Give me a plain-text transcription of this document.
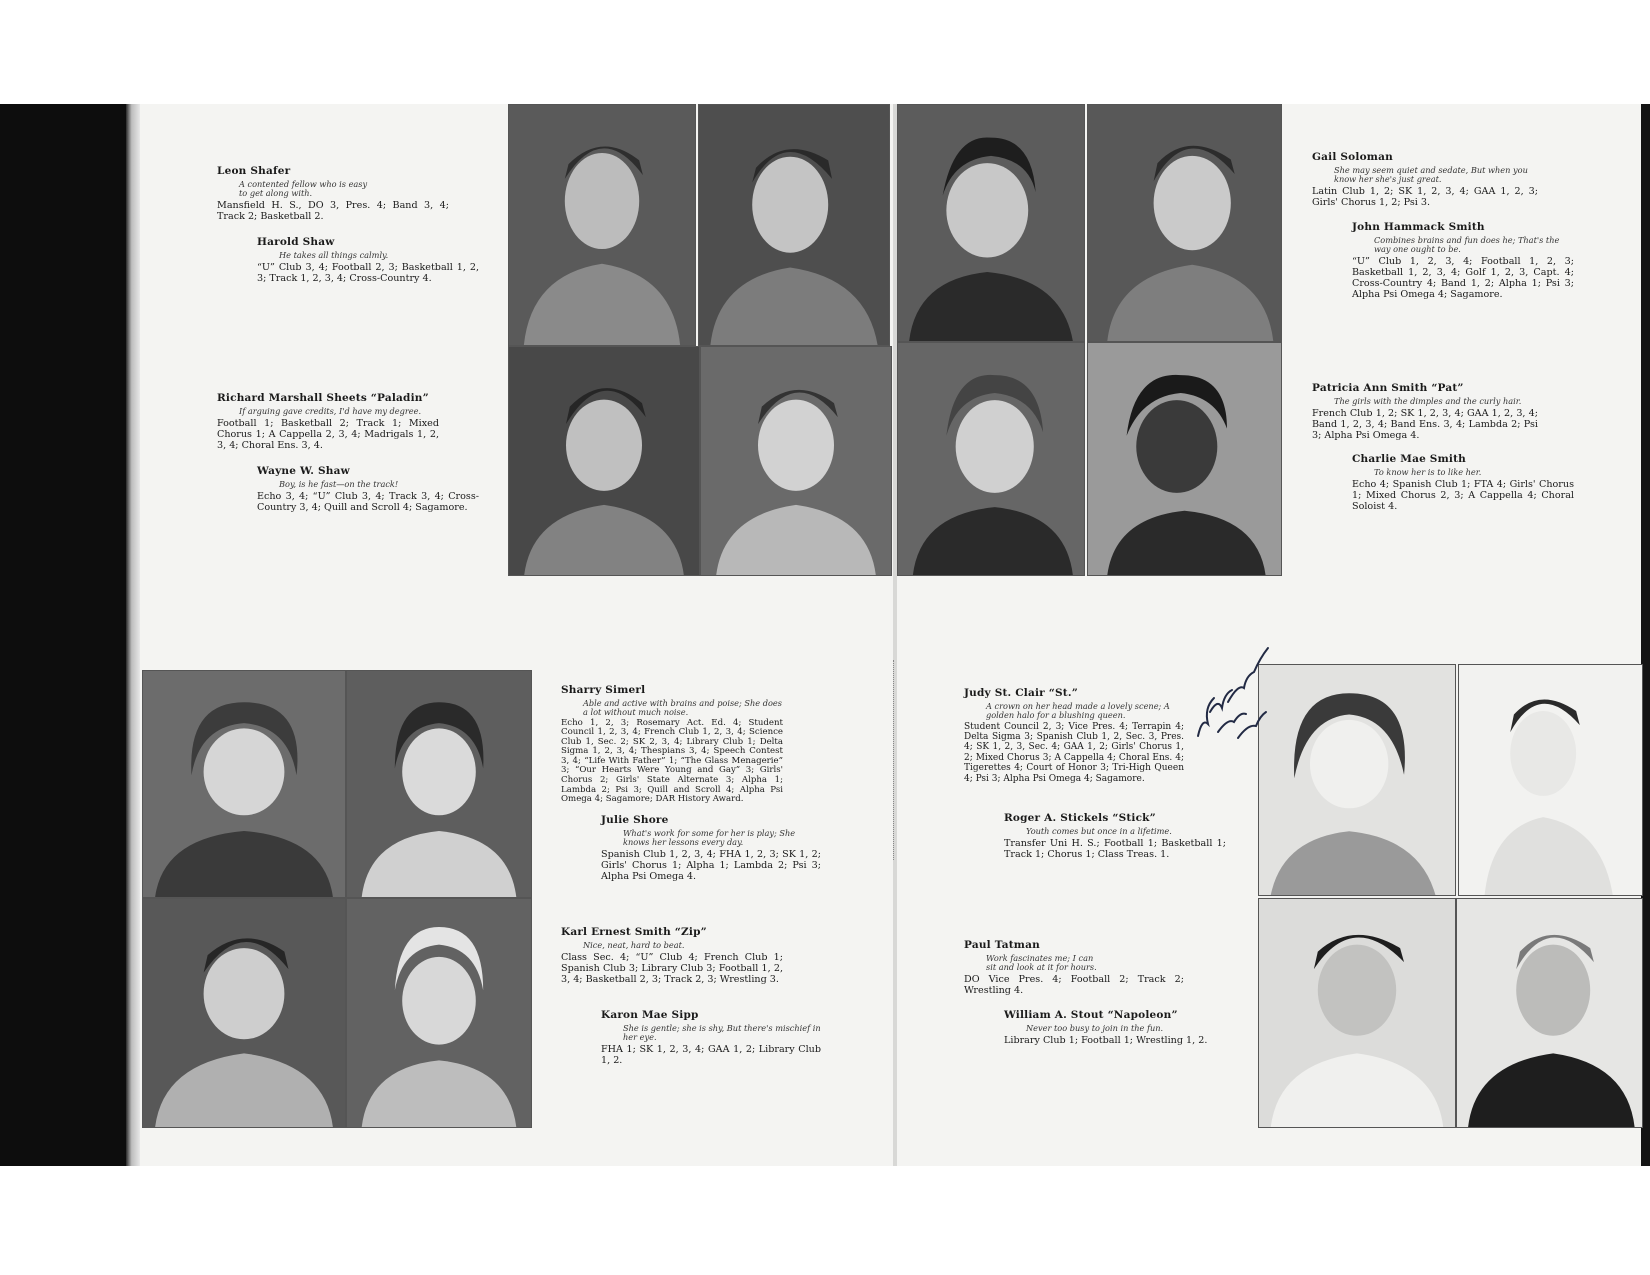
Leon Shafer
A contented fellow who is easy to get along with.
Mansfield H. S., DO 3, Pres. 4; Band 3, 4; Track 2; Basketball 2.
Harold Shaw
He takes all things calmly.
“U” Club 3, 4; Football 2, 3; Basketball 1, 2, 3; Track 1, 2, 3, 4; Cross-Country 4.
Richard Marshall Sheets “Paladin”
If arguing gave credits, I'd have my degree.
Football 1; Basketball 2; Track 1; Mixed Chorus 1; A Cappella 2, 3, 4; Madrigals 1, 2, 3, 4; Choral Ens. 3, 4.
Wayne W. Shaw
Boy, is he fast—on the track!
Echo 3, 4; “U” Club 3, 4; Track 3, 4; Cross-Country 3, 4; Quill and Scroll 4; Sagamore.
Gail Soloman
She may seem quiet and sedate, But when you know her she's just great.
Latin Club 1, 2; SK 1, 2, 3, 4; GAA 1, 2, 3; Girls' Chorus 1, 2; Psi 3.
John Hammack Smith
Combines brains and fun does he; That's the way one ought to be.
“U” Club 1, 2, 3, 4; Football 1, 2, 3; Basketball 1, 2, 3, 4; Golf 1, 2, 3, Capt. 4; Cross-Country 4; Band 1, 2; Alpha 1; Psi 3; Alpha Psi Omega 4; Sagamore.
Patricia Ann Smith “Pat”
The girls with the dimples and the curly hair.
French Club 1, 2; SK 1, 2, 3, 4; GAA 1, 2, 3, 4; Band 1, 2, 3, 4; Band Ens. 3, 4; Lambda 2; Psi 3; Alpha Psi Omega 4.
Charlie Mae Smith
To know her is to like her.
Echo 4; Spanish Club 1; FTA 4; Girls' Chorus 1; Mixed Chorus 2, 3; A Cappella 4; Choral Soloist 4.
Sharry Simerl
Able and active with brains and poise; She does a lot without much noise.
Echo 1, 2, 3; Rosemary Act. Ed. 4; Student Council 1, 2, 3, 4; French Club 1, 2, 3, 4; Science Club 1, Sec. 2; SK 2, 3, 4; Library Club 1; Delta Sigma 1, 2, 3, 4; Thespians 3, 4; Speech Contest 3, 4; “Life With Father” 1; “The Glass Menagerie” 3; “Our Hearts Were Young and Gay” 3; Girls' Chorus 2; Girls' State Alternate 3; Alpha 1; Lambda 2; Psi 3; Quill and Scroll 4; Alpha Psi Omega 4; Sagamore; DAR History Award.
Julie Shore
What's work for some for her is play; She knows her lessons every day.
Spanish Club 1, 2, 3, 4; FHA 1, 2, 3; SK 1, 2; Girls' Chorus 1; Alpha 1; Lambda 2; Psi 3; Alpha Psi Omega 4.
Karl Ernest Smith “Zip”
Nice, neat, hard to beat.
Class Sec. 4; “U” Club 4; French Club 1; Spanish Club 3; Library Club 3; Football 1, 2, 3, 4; Basketball 2, 3; Track 2, 3; Wrestling 3.
Karon Mae Sipp
She is gentle; she is shy, But there's mischief in her eye.
FHA 1; SK 1, 2, 3, 4; GAA 1, 2; Library Club 1, 2.
Judy St. Clair “St.”
A crown on her head made a lovely scene; A golden halo for a blushing queen.
Student Council 2, 3; Vice Pres. 4; Terrapin 4; Delta Sigma 3; Spanish Club 1, 2, Sec. 3, Pres. 4; SK 1, 2, 3, Sec. 4; GAA 1, 2; Girls' Chorus 1, 2; Mixed Chorus 3; A Cappella 4; Choral Ens. 4; Tigerettes 4; Court of Honor 3; Tri-High Queen 4; Psi 3; Alpha Psi Omega 4; Sagamore.
Roger A. Stickels “Stick”
Youth comes but once in a lifetime.
Transfer Uni H. S.; Football 1; Basketball 1; Track 1; Chorus 1; Class Treas. 1.
Paul Tatman
Work fascinates me; I can sit and look at it for hours.
DO Vice Pres. 4; Football 2; Track 2; Wrestling 4.
William A. Stout “Napoleon”
Never too busy to join in the fun.
Library Club 1; Football 1; Wrestling 1, 2.
